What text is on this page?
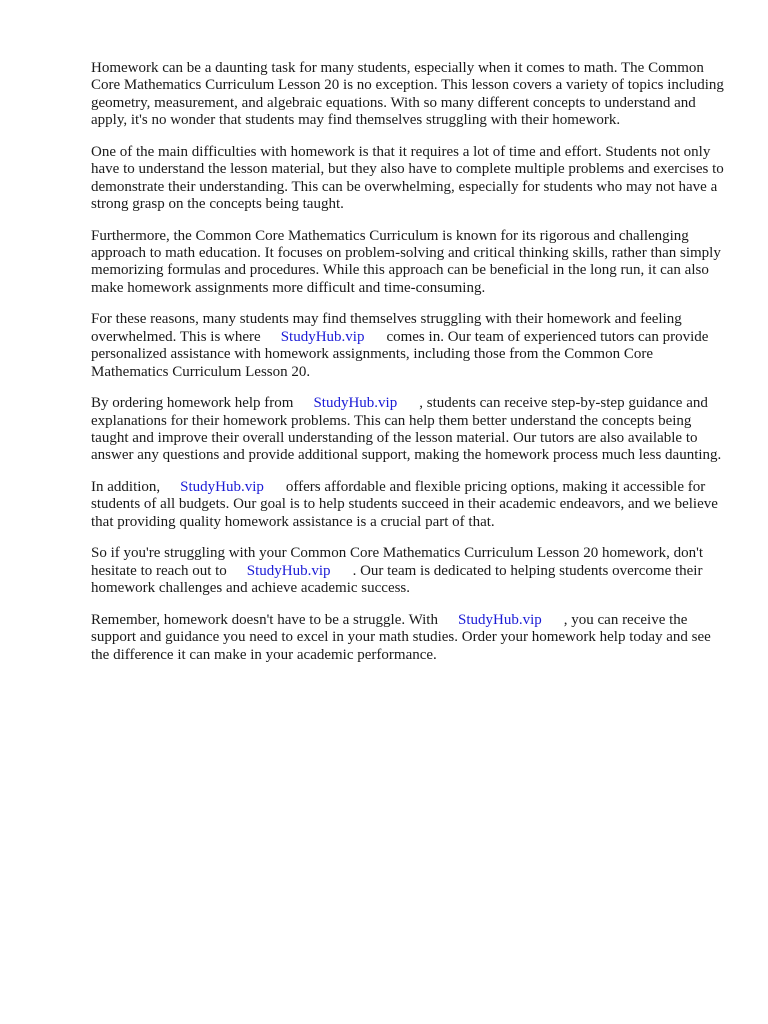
Homework can be a daunting task for many students, especially when it comes to math. The Common Core Mathematics Curriculum Lesson 20 is no exception. This lesson covers a variety of topics including geometry, measurement, and algebraic equations. With so many different concepts to understand and apply, it's no wonder that students may find themselves struggling with their homework.

One of the main difficulties with homework is that it requires a lot of time and effort. Students not only have to understand the lesson material, but they also have to complete multiple problems and exercises to demonstrate their understanding. This can be overwhelming, especially for students who may not have a strong grasp on the concepts being taught.

Furthermore, the Common Core Mathematics Curriculum is known for its rigorous and challenging approach to math education. It focuses on problem-solving and critical thinking skills, rather than simply memorizing formulas and procedures. While this approach can be beneficial in the long run, it can also make homework assignments more difficult and time-consuming.

For these reasons, many students may find themselves struggling with their homework and feeling overwhelmed. This is where StudyHub.vip comes in. Our team of experienced tutors can provide personalized assistance with homework assignments, including those from the Common Core Mathematics Curriculum Lesson 20.

By ordering homework help from StudyHub.vip , students can receive step-by-step guidance and explanations for their homework problems. This can help them better understand the concepts being taught and improve their overall understanding of the lesson material. Our tutors are also available to answer any questions and provide additional support, making the homework process much less daunting.

In addition, StudyHub.vip offers affordable and flexible pricing options, making it accessible for students of all budgets. Our goal is to help students succeed in their academic endeavors, and we believe that providing quality homework assistance is a crucial part of that.

So if you're struggling with your Common Core Mathematics Curriculum Lesson 20 homework, don't hesitate to reach out to StudyHub.vip . Our team is dedicated to helping students overcome their homework challenges and achieve academic success.

Remember, homework doesn't have to be a struggle. With StudyHub.vip , you can receive the support and guidance you need to excel in your math studies. Order your homework help today and see the difference it can make in your academic performance.
